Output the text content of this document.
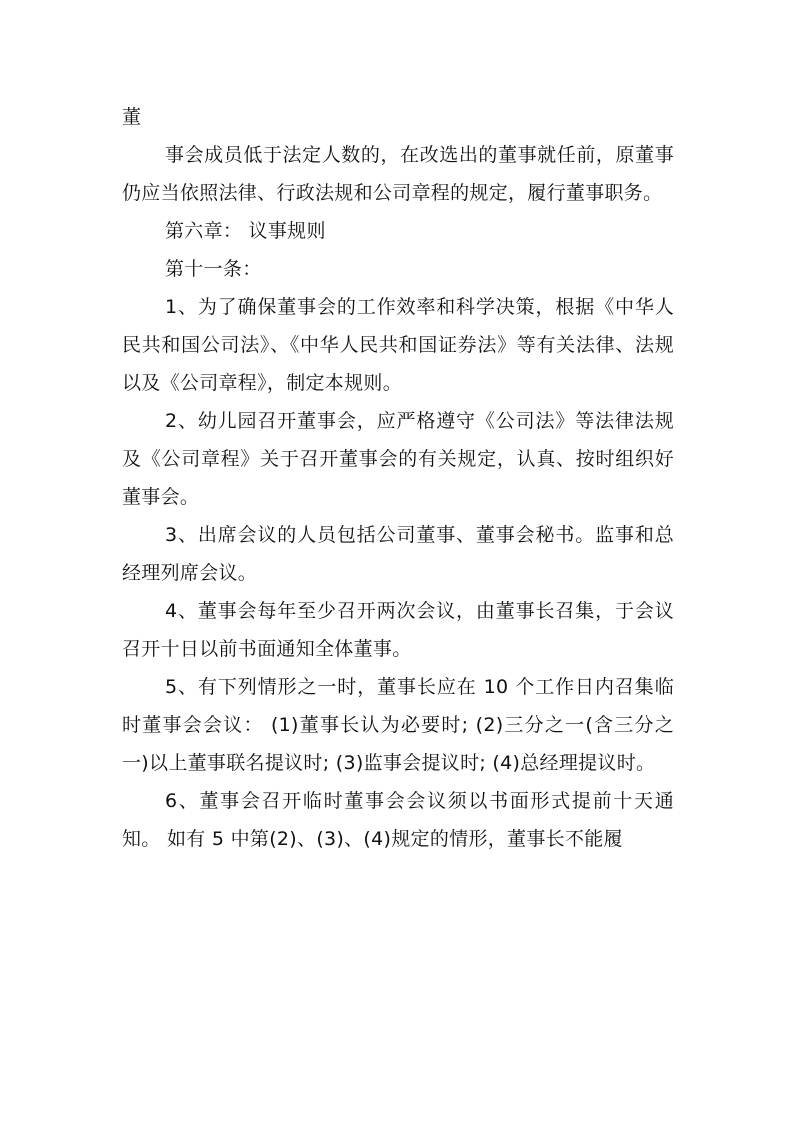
董

事会成员低于法定人数的，在改选出的董事就任前，原董事仍应当依照法律、行政法规和公司章程的规定，履行董事职务。

第六章： 议事规则

第十一条：

1、为了确保董事会的工作效率和科学决策，根据《中华人民共和国公司法》、《中华人民共和国证券法》等有关法律、法规以及《公司章程》，制定本规则。

2、幼儿园召开董事会，应严格遵守《公司法》等法律法规及《公司章程》关于召开董事会的有关规定，认真、按时组织好董事会。

3、出席会议的人员包括公司董事、董事会秘书。监事和总经理列席会议。

4、董事会每年至少召开两次会议，由董事长召集，于会议召开十日以前书面通知全体董事。

5、有下列情形之一时，董事长应在 10 个工作日内召集临时董事会会议： (1)董事长认为必要时; (2)三分之一(含三分之一)以上董事联名提议时; (3)监事会提议时; (4)总经理提议时。

6、董事会召开临时董事会会议须以书面形式提前十天通知。 如有 5 中第(2)、(3)、(4)规定的情形，董事长不能履
